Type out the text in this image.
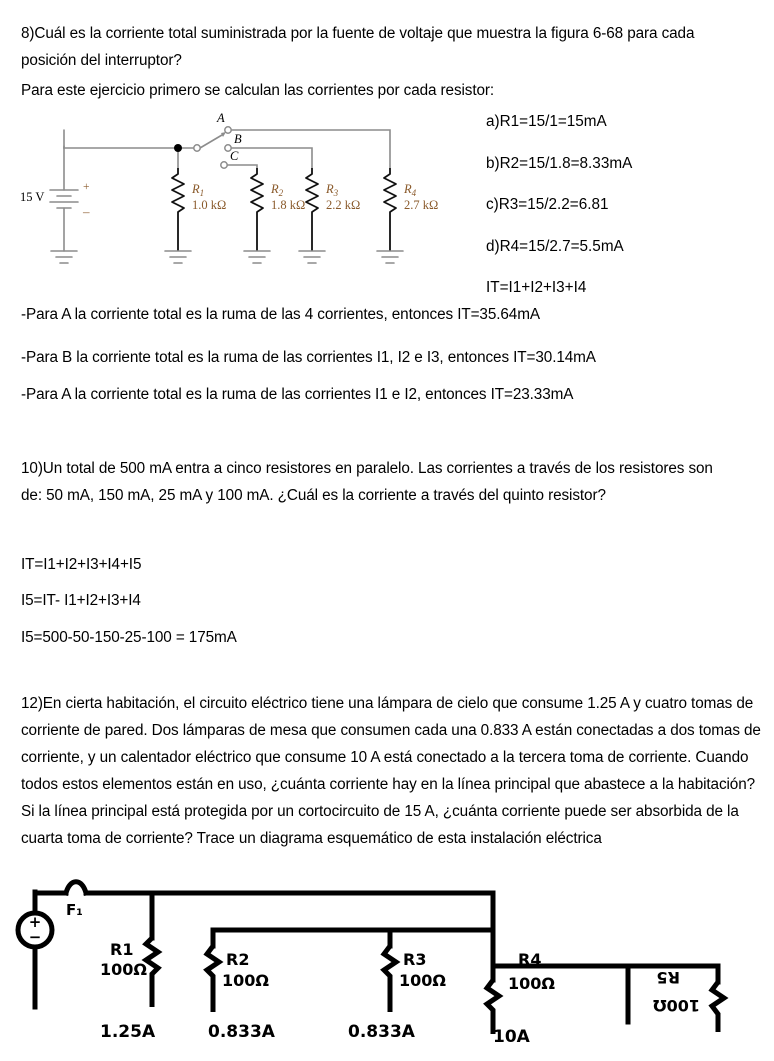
8)Cuál es la corriente total suministrada por la fuente de voltaje que muestra la figura 6-68 para cada posición del interruptor?

Para este ejercicio primero se calculan las corrientes por cada resistor:

A
B
C
+
–
15 V
$R_1$
1.0 kΩ
$R_2$
1.8 kΩ
$R_3$
2.2 kΩ
$R_4$
2.7 kΩ
a)R1=15/1=15mA
b)R2=15/1.8=8.33mA
c)R3=15/2.2=6.81
d)R4=15/2.7=5.5mA
IT=I1+I2+I3+I4

-Para A la corriente total es la ruma de las 4 corrientes, entonces IT=35.64mA

-Para B la corriente total es la ruma de las corrientes I1, I2 e I3, entonces IT=30.14mA

-Para A la corriente total es la ruma de las corrientes I1 e I2, entonces IT=23.33mA

10)Un total de 500 mA entra a cinco resistores en paralelo. Las corrientes a través de los resistores son de: 50 mA, 150 mA, 25 mA y 100 mA. ¿Cuál es la corriente a través del quinto resistor?

IT=I1+I2+I3+I4+I5

I5=IT- I1+I2+I3+I4

I5=500-50-150-25-100 = 175mA

12)En cierta habitación, el circuito eléctrico tiene una lámpara de cielo que consume 1.25 A y cuatro tomas de corriente de pared. Dos lámparas de mesa que consumen cada una 0.833 A están conectadas a dos tomas de corriente, y un calentador eléctrico que consume 10 A está conectado a la tercera toma de corriente. Cuando todos estos elementos están en uso, ¿cuánta corriente hay en la línea principal que abastece a la habitación? Si la línea principal está protegida por un cortocircuito de 15 A, ¿cuánta corriente puede ser absorbida de la cuarta toma de corriente? Trace un diagrama esquemático de esta instalación eléctrica

+
−
F₁
R1
100Ω
1.25A
R2
100Ω
0.833A
R3
100Ω
0.833A
R4
100Ω
10A
R5
100Ω
